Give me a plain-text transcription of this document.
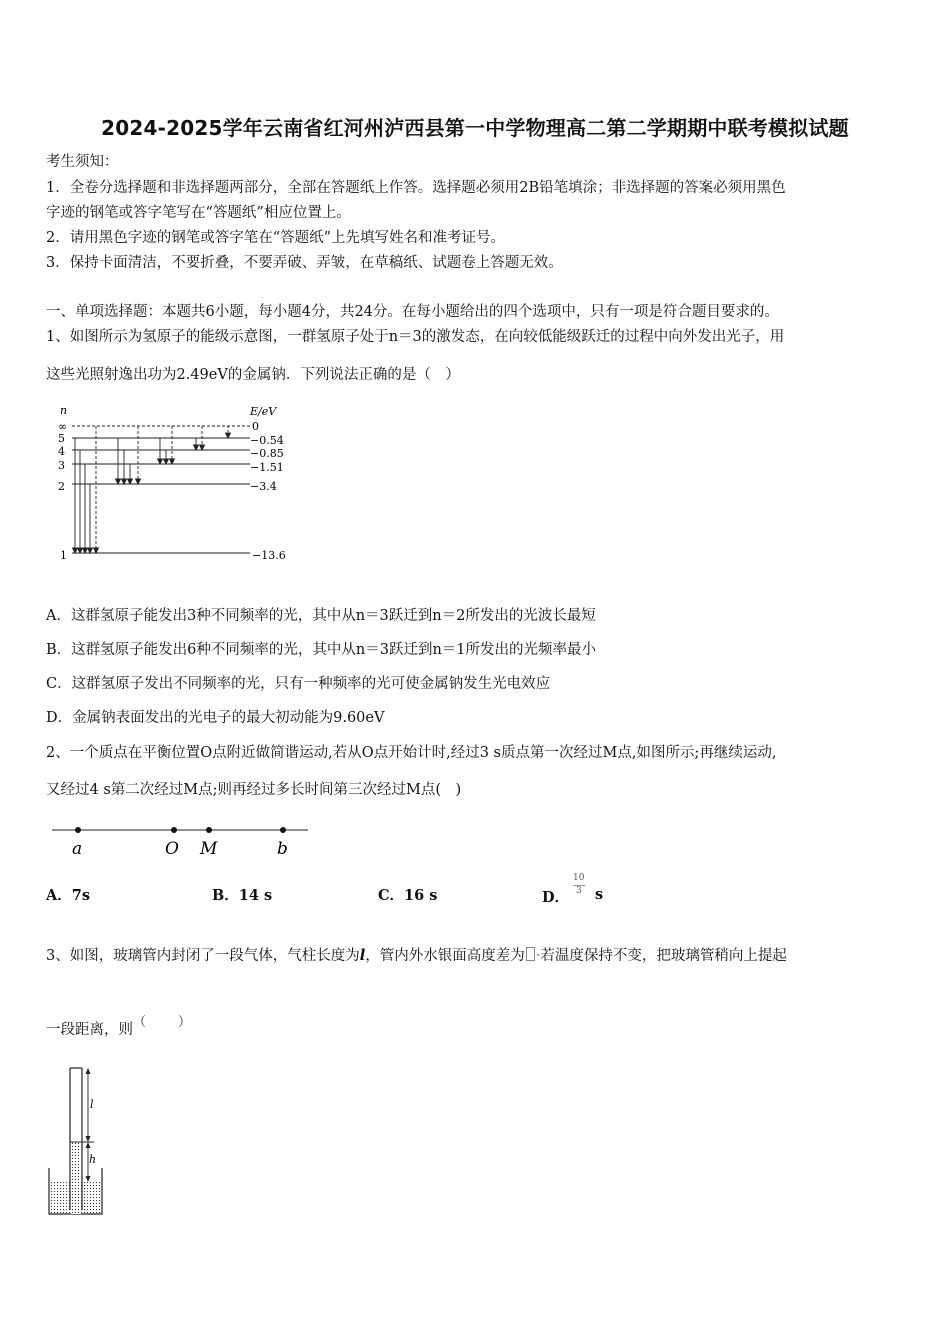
2024-2025学年云南省红河州泸西县第一中学物理高二第二学期期中联考模拟试题
考生须知：
1．全卷分选择题和非选择题两部分，全部在答题纸上作答。选择题必须用2B铅笔填涂；非选择题的答案必须用黑色
字迹的钢笔或答字笔写在“答题纸”相应位置上。
2．请用黑色字迹的钢笔或答字笔在“答题纸”上先填写姓名和准考证号。
3．保持卡面清洁，不要折叠，不要弄破、弄皱，在草稿纸、试题卷上答题无效。
一、单项选择题：本题共6小题，每小题4分，共24分。在每小题给出的四个选项中，只有一项是符合题目要求的。
1、如图所示为氢原子的能级示意图，一群氢原子处于n＝3的激发态，在向较低能级跃迁的过程中向外发出光子，用
这些光照射逸出功为2.49eV的金属钠．下列说法正确的是（　）
n	E/eV
∞	0
5	−0.54
4	−0.85
3	−1.51
2	−3.4
1	−13.6
A．这群氢原子能发出3种不同频率的光，其中从n＝3跃迁到n＝2所发出的光波长最短
B．这群氢原子能发出6种不同频率的光，其中从n＝3跃迁到n＝1所发出的光频率最小
C．这群氢原子发出不同频率的光，只有一种频率的光可使金属钠发生光电效应
D．金属钠表面发出的光电子的最大初动能为9.60eV
2、一个质点在平衡位置O点附近做简谐运动,若从O点开始计时,经过3 s质点第一次经过M点,如图所示;再继续运动,
又经过4 s第二次经过M点;则再经过多长时间第三次经过M点(　)
a	O M	b
A．7s	B．14 s	C．16 s	D．
10
3 s
3、如图，玻璃管内封闭了一段气体，气柱长度为l，管内外水银面高度差为 ·若温度保持不变，把玻璃管稍向上提起
一段距离，则（　　）
l
h
